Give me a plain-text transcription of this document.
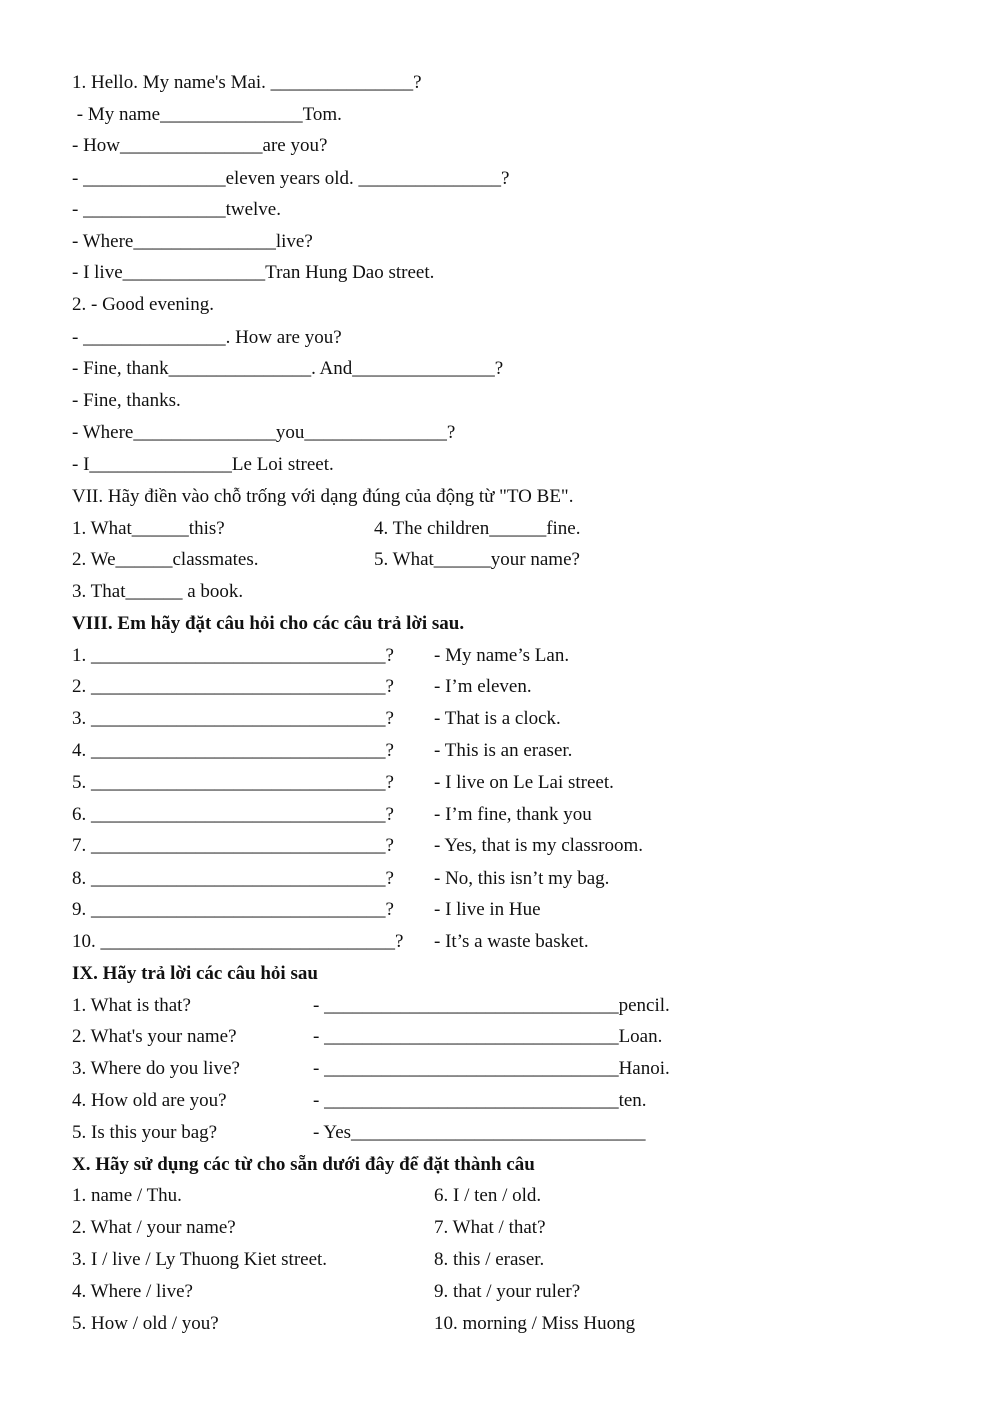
1. Hello. My name's Mai. _______________?
- My name_______________Tom.
- How_______________are you?
- _______________eleven years old. _______________?
- _______________twelve.
- Where_______________live?
- I live_______________Tran Hung Dao street.
2. - Good evening.
- _______________. How are you?
- Fine, thank_______________. And_______________?
- Fine, thanks.
- Where_______________you_______________?
- I_______________Le Loi street.
VII. Hãy điền vào chỗ trống với dạng đúng của động từ "TO BE".
1. What______this?
2. We______classmates.
3. That______ a book.
4. The children______fine.
5. What______your name?
VIII. Em hãy đặt câu hỏi cho các câu trả lời sau.
1. _______________________________?
2. _______________________________?
3. _______________________________?
4. _______________________________?
5. _______________________________?
6. _______________________________?
7. _______________________________?
8. _______________________________?
9. _______________________________?
10. _______________________________?
- My name’s Lan.
- I’m eleven.
- That is a clock.
- This is an eraser.
- I live on Le Lai street.
- I’m fine, thank you
- Yes, that is my classroom.
- No, this isn’t my bag.
- I live in Hue
- It’s a waste basket.
IX. Hãy trả lời các câu hỏi sau
1. What is that?
2. What's your name?
3. Where do you live?
4. How old are you?
5. Is this your bag?
- _______________________________pencil.
- _______________________________Loan.
- _______________________________Hanoi.
- _______________________________ten.
- Yes_______________________________
X. Hãy sử dụng các từ cho sẵn dưới đây để đặt thành câu
1. name / Thu.
2. What / your name?
3. I / live / Ly Thuong Kiet street.
4. Where / live?
5. How / old / you?
6. I / ten / old.
7. What / that?
8. this / eraser.
9. that / your ruler?
10. morning / Miss Huong
